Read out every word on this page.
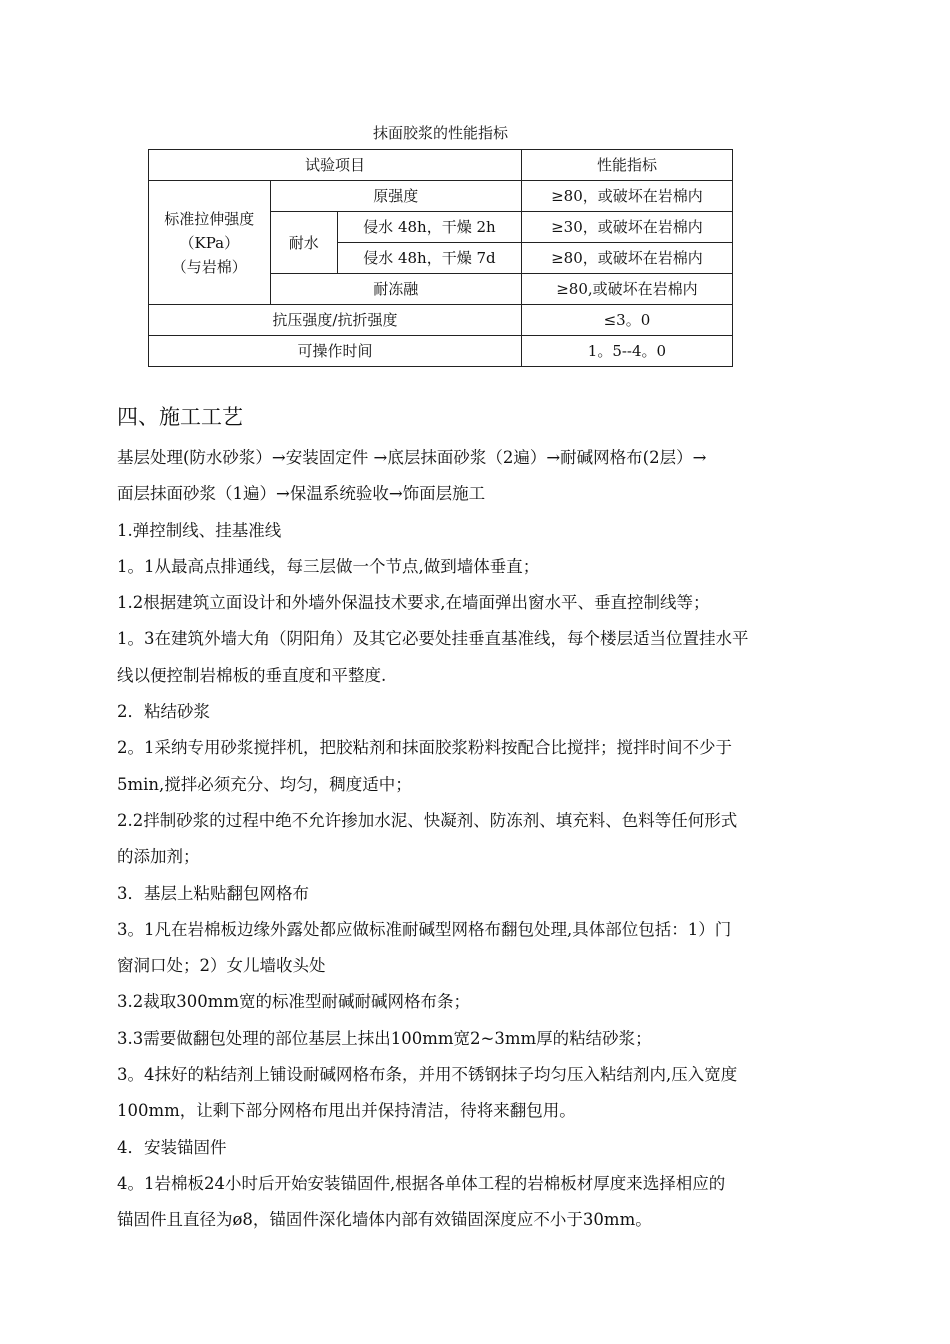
抹面胶浆的性能指标
试验项目			性能指标

标准拉伸强度
（KPa）
（与岩棉）	原强度		≥80，或破坏在岩棉内
	耐水	侵水 48h，干燥 2h	≥30，或破坏在岩棉内
		侵水 48h，干燥 7d	≥80，或破坏在岩棉内
	耐冻融		≥80,或破坏在岩棉内
抗压强度/抗折强度			≤3。0
可操作时间			1。5--4。0
四、施工工艺

基层处理(防水砂浆）→安装固定件 →底层抹面砂浆（2遍）→耐碱网格布(2层）→

面层抹面砂浆（1遍）→保温系统验收→饰面层施工

1.弹控制线、挂基准线

1。1从最高点排通线，每三层做一个节点,做到墙体垂直；

1.2根据建筑立面设计和外墙外保温技术要求,在墙面弹出窗水平、垂直控制线等；

1。3在建筑外墙大角（阴阳角）及其它必要处挂垂直基准线，每个楼层适当位置挂水平

线以便控制岩棉板的垂直度和平整度.

2．粘结砂浆

2。1采纳专用砂浆搅拌机，把胶粘剂和抹面胶浆粉料按配合比搅拌；搅拌时间不少于

5min,搅拌必须充分、均匀，稠度适中；

2.2拌制砂浆的过程中绝不允许掺加水泥、快凝剂、防冻剂、填充料、色料等任何形式

的添加剂；

3．基层上粘贴翻包网格布

3。1凡在岩棉板边缘外露处都应做标准耐碱型网格布翻包处理,具体部位包括：1）门

窗洞口处；2）女儿墙收头处

3.2裁取300mm宽的标准型耐碱耐碱网格布条；

3.3需要做翻包处理的部位基层上抹出100mm宽2~3mm厚的粘结砂浆；

3。4抹好的粘结剂上铺设耐碱网格布条，并用不锈钢抹子均匀压入粘结剂内,压入宽度

100mm，让剩下部分网格布甩出并保持清洁，待将来翻包用。

4．安装锚固件

4。1岩棉板24小时后开始安装锚固件,根据各单体工程的岩棉板材厚度来选择相应的

锚固件且直径为ø8，锚固件深化墙体内部有效锚固深度应不小于30mm。
